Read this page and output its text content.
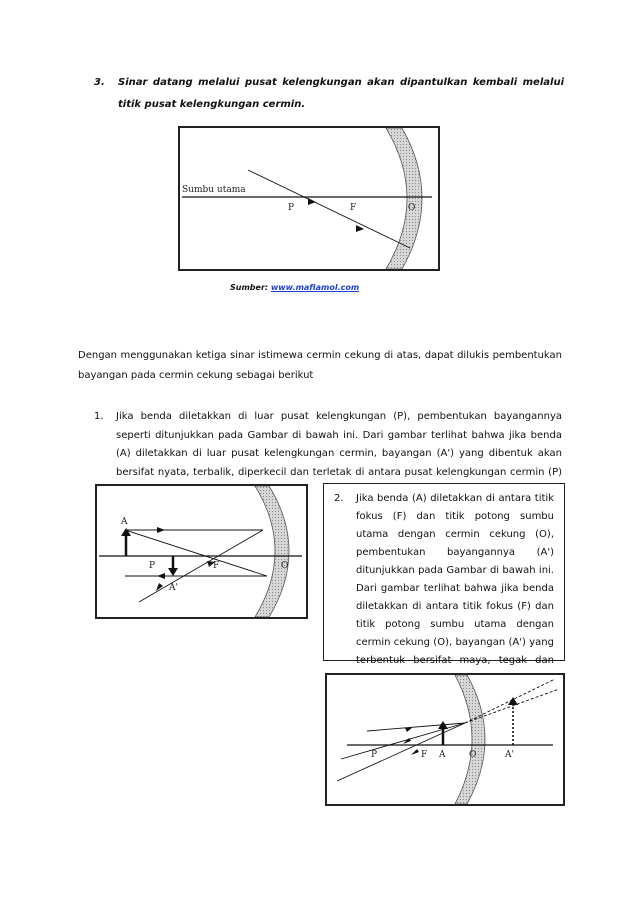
3. Sinar datang melalui pusat kelengkungan akan dipantulkan kembali melalui titik pusat kelengkungan cermin.
Sumbu utama
P	F	O
Sumber: www.mafiamol.com
Dengan menggunakan ketiga sinar istimewa cermin cekung di atas, dapat dilukis pembentukan bayangan pada cermin cekung sebagai berikut
1. Jika benda diletakkan di luar pusat kelengkungan (P), pembentukan bayangannya seperti ditunjukkan pada Gambar di bawah ini. Dari gambar terlihat bahwa jika benda (A) diletakkan di luar pusat kelengkungan cermin, bayangan (A') yang dibentuk akan bersifat nyata, terbalik, diperkecil dan terletak di antara pusat kelengkungan cermin (P)
A
P	F	O
A'
2. Jika benda (A) diletakkan di antara titik fokus (F) dan titik potong sumbu utama dengan cermin cekung (O), pembentukan bayangannya (A') ditunjukkan pada Gambar di bawah ini. Dari gambar terlihat bahwa jika benda diletakkan di antara titik fokus (F) dan titik potong sumbu utama dengan cermin cekung (O), bayangan (A') yang terbentuk bersifat maya, tegak dan
P	F A	O	A'
